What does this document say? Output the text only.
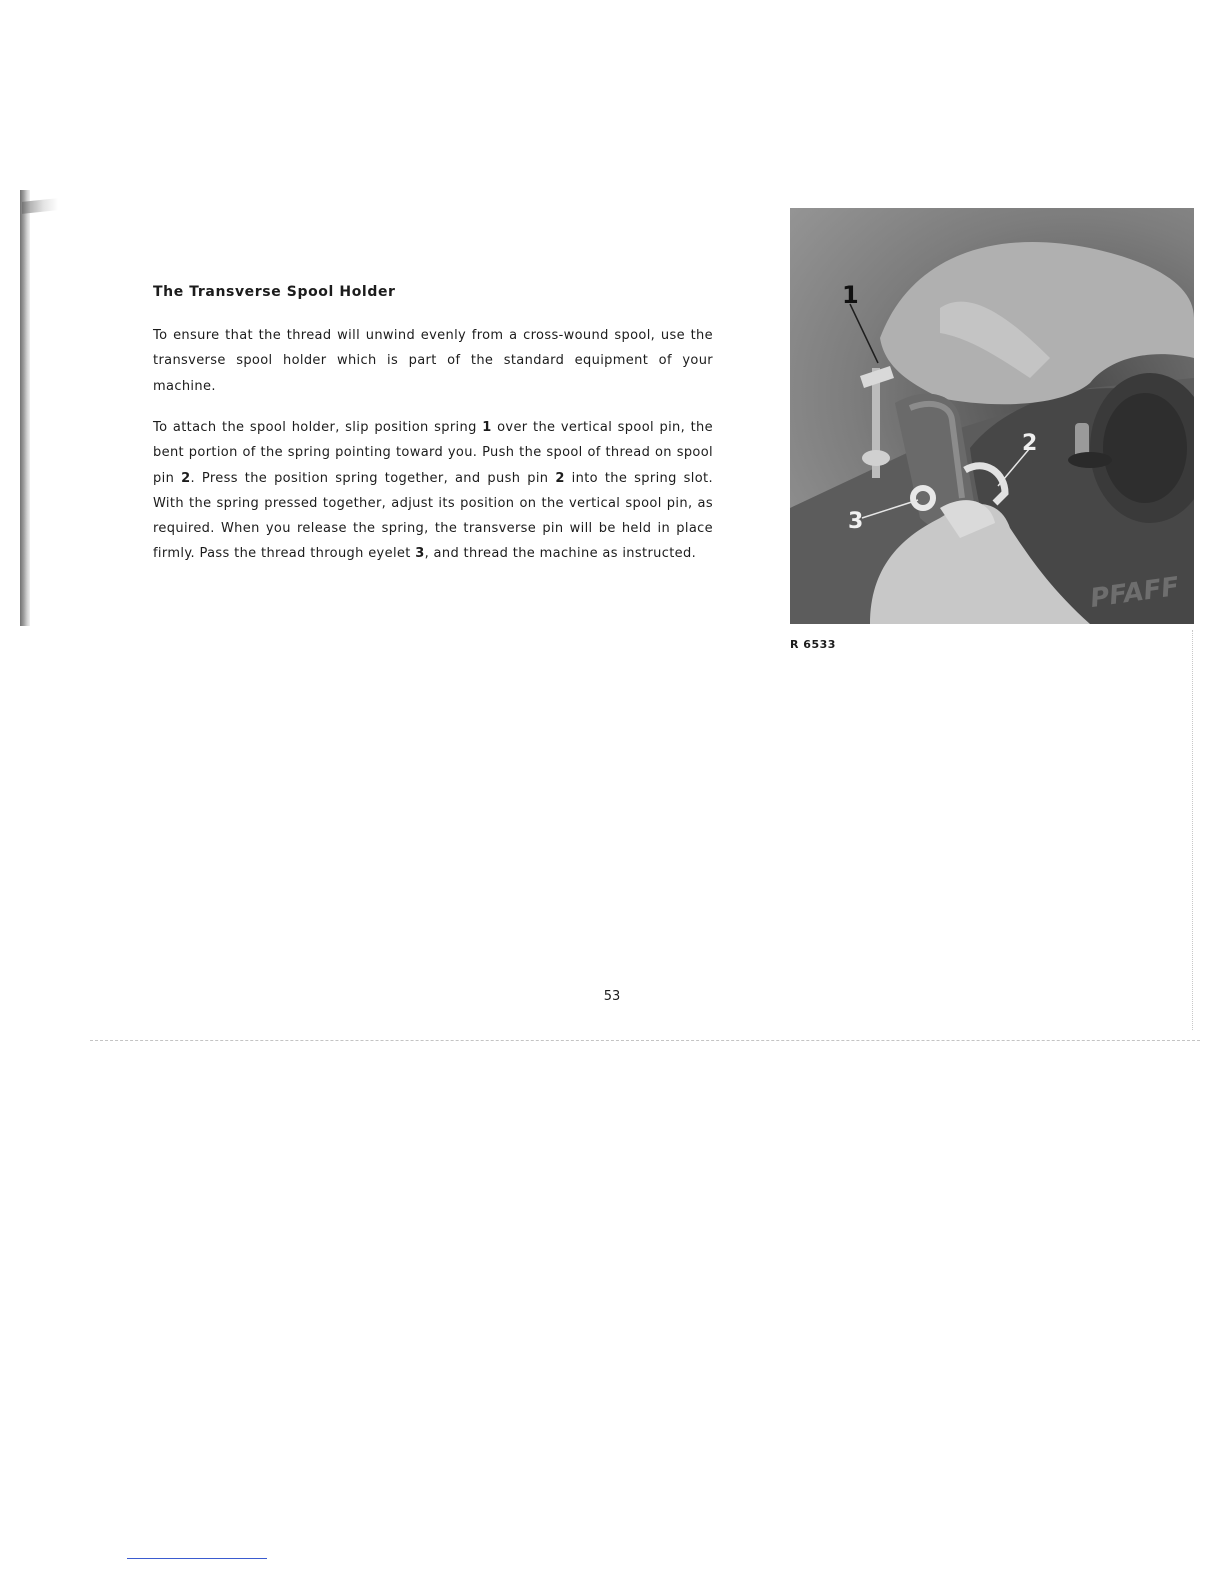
The Transverse Spool Holder

To ensure that the thread will unwind evenly from a cross-wound spool, use the transverse spool holder which is part of the standard equipment of your machine.

To attach the spool holder, slip position spring 1 over the vertical spool pin, the bent portion of the spring pointing toward you. Push the spool of thread on spool pin 2. Press the position spring together, and push pin 2 into the spring slot. With the spring pressed together, adjust its position on the vertical spool pin, as required. When you release the spring, the transverse pin will be held in place firmly. Pass the thread through eyelet 3, and thread the machine as instructed.

1
2
3
PFAFF

R 6533

53
